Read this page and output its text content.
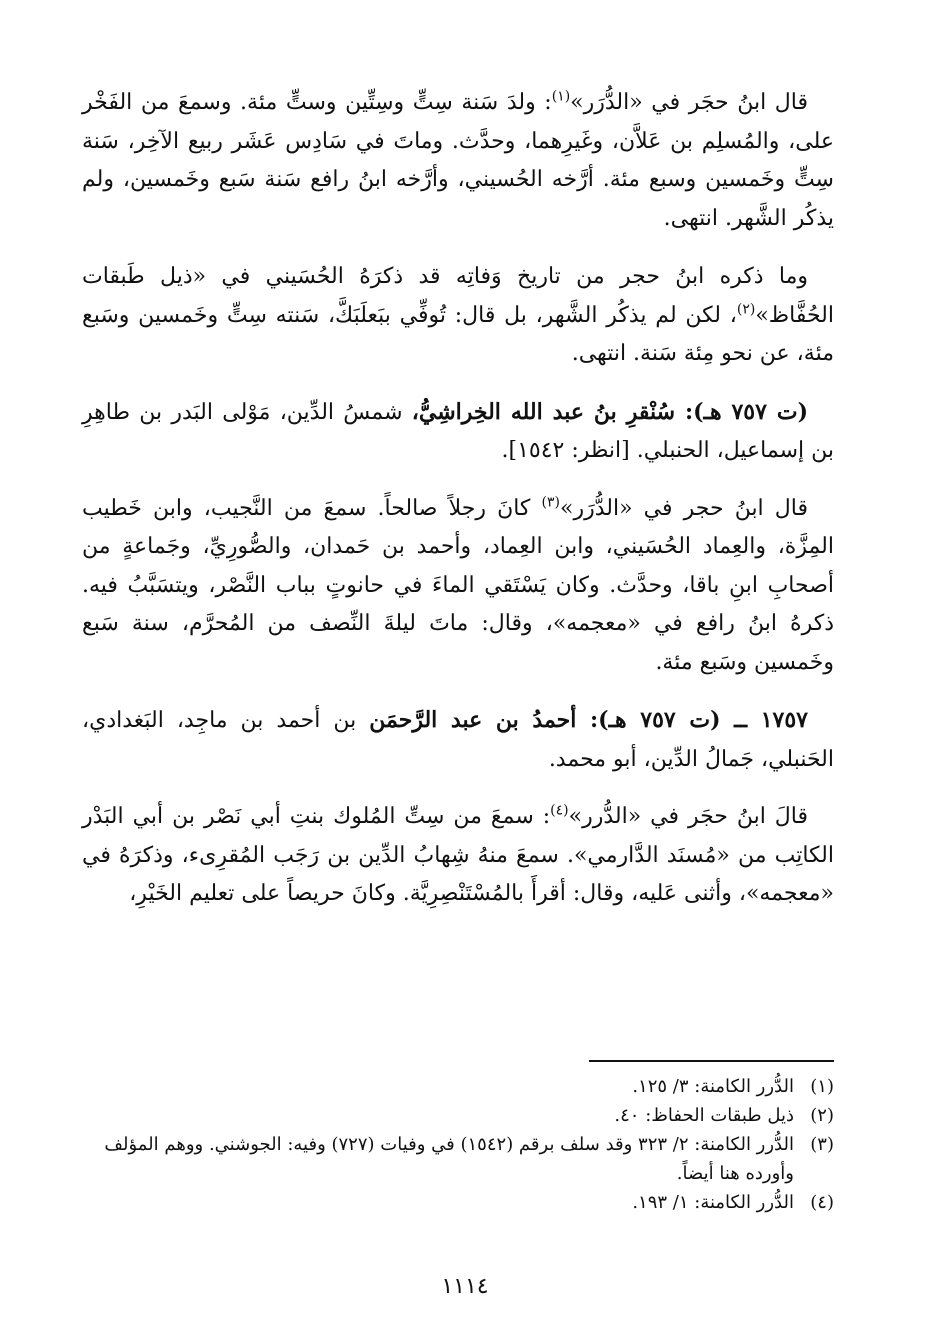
قال ابنُ حجَر في «الدُّرَر»$^{(١)}$: ولدَ سَنة سِتٍّ وسِتِّين وستٍّ مئة. وسمعَ من الفَخْر على، والمُسلِم بن عَلاَّن، وغَيرِهما، وحدَّث. وماتَ في سَادِس عَشَر ربيع الآخِر، سَنة سِتٍّ وخَمسين وسبع مئة. أرَّخه الحُسيني، وأرَّخه ابنُ رافع سَنة سَبع وخَمسين، ولم يذكُر الشَّهر. انتهى.

وما ذكره ابنُ حجر من تاريخ وَفاتِه قد ذكرَهُ الحُسَيني في «ذيل طَبقات الحُفَّاظ»$^{(٢)}$، لكن لم يذكُر الشَّهر، بل قال: تُوفِّي ببَعلَبَكَّ، سَنته سِتٍّ وخَمسين وسَبع مئة، عن نحو مِئة سَنة. انتهى.

(ت ٧٥٧ هـ): سُنْقرِ بنُ عبد الله الخِراشِيُّ، شمسُ الدِّين، مَوْلى البَدر بن طاهِرِ بن إسماعيل، الحنبلي. [انظر: ١٥٤٢].

قال ابنُ حجر في «الدُّرَر»$^{(٣)}$ كانَ رجلاً صالحاً. سمعَ من النَّجيب، وابن خَطيب المِزَّة، والعِماد الحُسَيني، وابن العِماد، وأحمد بن حَمدان، والصُّورِيِّ، وجَماعةٍ من أصحابِ ابنِ باقا، وحدَّث. وكان يَسْتَقي الماءَ في حانوتٍ بباب النَّصْر، ويتسَبَّبُ فيه. ذكرهُ ابنُ رافع في «معجمه»، وقال: ماتَ ليلةَ النِّصف من المُحرَّم، سنة سَبع وخَمسين وسَبع مئة.

١٧٥٧ ــ (ت ٧٥٧ هـ): أحمدُ بن عبد الرَّحمَن بن أحمد بن ماجِد، البَغدادي، الحَنبلي، جَمالُ الدِّين، أبو محمد.

قالَ ابنُ حجَر في «الدُّرر»$^{(٤)}$: سمعَ من سِتِّ المُلوك بنتِ أبي نَصْر بن أبي البَدْر الكاتِب من «مُسنَد الدَّارمي». سمعَ منهُ شِهابُ الدِّين بن رَجَب المُقرِىء، وذكرَهُ في «معجمه»، وأثنى عَليه، وقال: أقرأَ بالمُسْتَنْصِرِيَّة. وكانَ حريصاً على تعليم الخَيْرِ،

(١)
الدُّرر الكامنة: ٣/ ١٢٥.
(٢)
ذيل طبقات الحفاظ: ٤٠.
(٣)
الدُّرر الكامنة: ٢/ ٣٢٣ وقد سلف برقم (١٥٤٢) في وفيات (٧٢٧) وفيه: الجوشني. ووهم المؤلف وأورده هنا أيضاً.
(٤)
الدُّرر الكامنة: ١/ ١٩٣.
١١١٤
